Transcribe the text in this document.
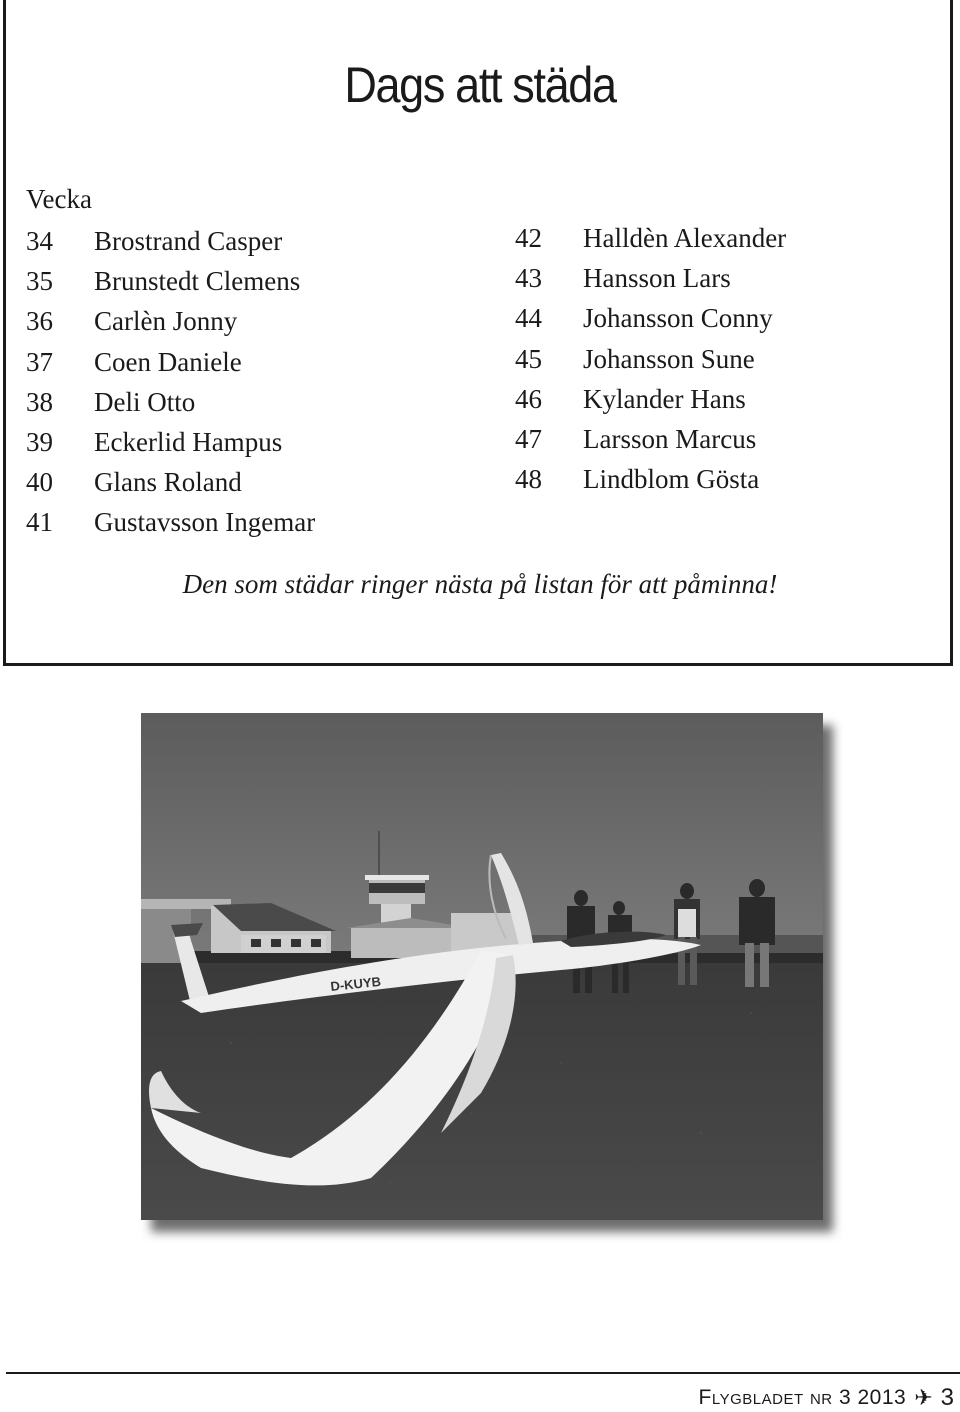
Dags att städa
Vecka
34	Brostrand Casper
35	Brunstedt Clemens
36	Carlèn Jonny
37	Coen Daniele
38	Deli Otto
39	Eckerlid Hampus
40	Glans Roland
41	Gustavsson Ingemar
42	Halldèn Alexander
43	Hansson Lars
44	Johansson Conny
45	Johansson Sune
46	Kylander Hans
47	Larsson Marcus
48	Lindblom Gösta
Den som städar ringer nästa på listan för att påminna!
D-KUYB
Flygbladet nr 3 2013 ✈ 3
